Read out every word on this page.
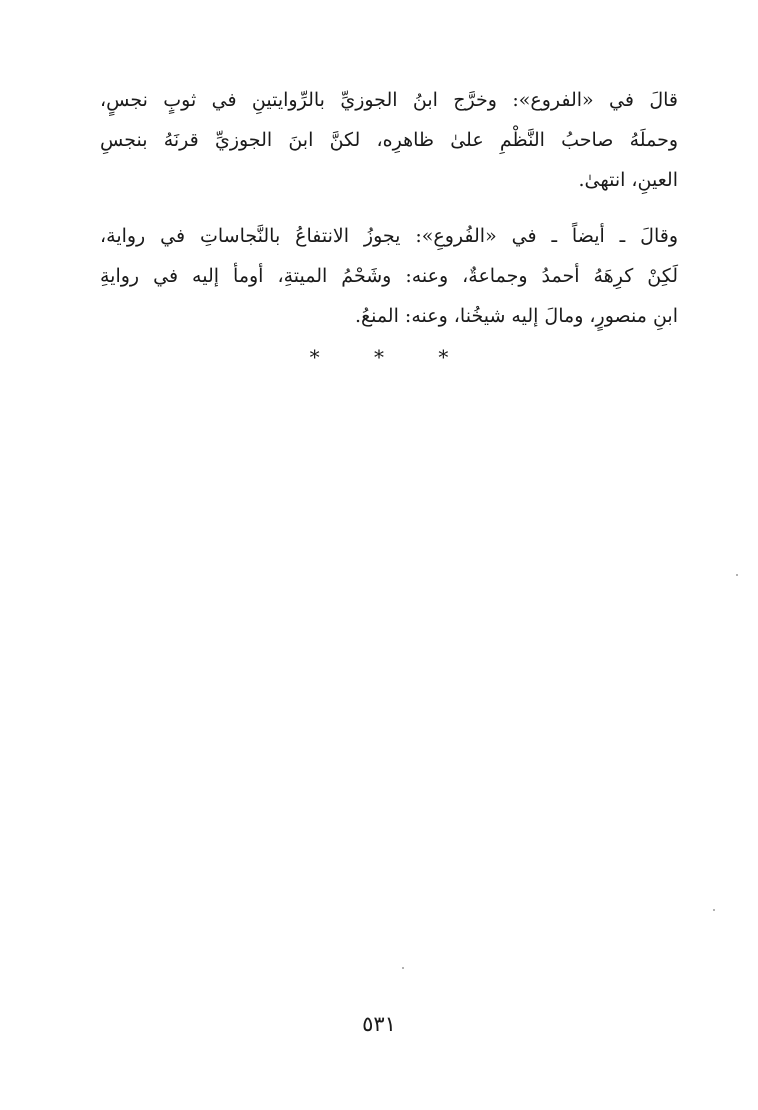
قالَ في «الفروع»: وخرَّج ابنُ الجوزيِّ بالرِّوايتينِ في ثوبٍ نجسٍ،
وحملَهُ صاحبُ النَّظْمِ علىٰ ظاهرِه، لكنَّ ابنَ الجوزيِّ قرنَهُ بنجسِ
العينِ، انتهىٰ.
وقالَ ـ أيضاً ـ في «الفُروعِ»: يجوزُ الانتفاعُ بالنَّجاساتِ في رواية،
لَكِنْ كرِهَهُ أحمدُ وجماعةٌ، وعنه: وشَحْمُ الميتةِ، أومأ إليه في روايةِ
ابنِ منصورٍ، ومالَ إليه شيخُنا، وعنه: المنعُ.
* * *
٥٣١
